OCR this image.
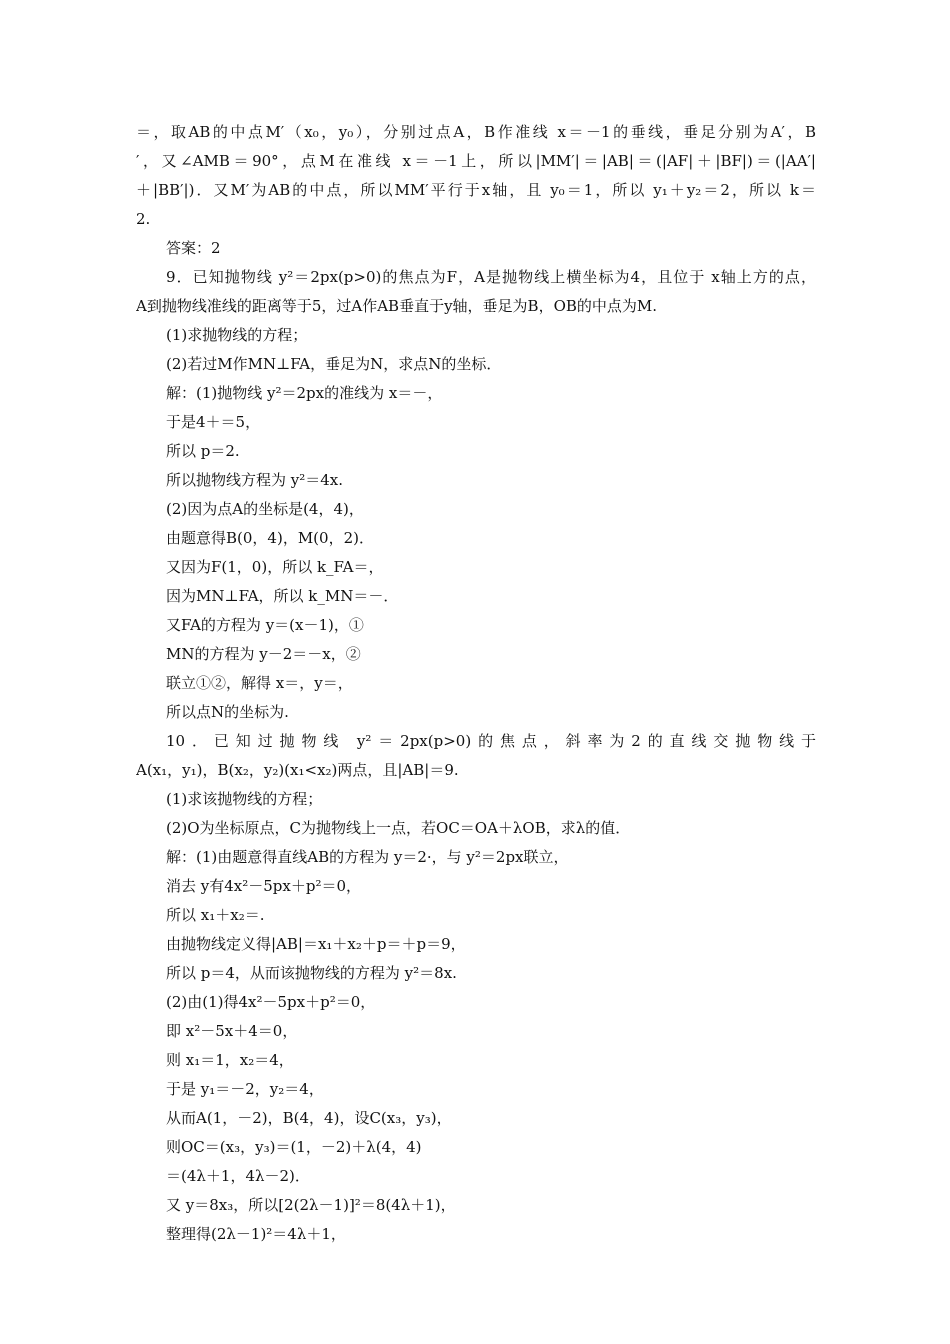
＝，取AB的中点M′（x₀，y₀），分别过点A，B作准线 x＝－1的垂线，垂足分别为A′，B
′，又∠AMB＝90°，点M在准线 x＝－1上，所以|MM′|＝|AB|＝(|AF|＋|BF|)＝(|AA′|
＋|BB′|)．又M′为AB的中点，所以MM′平行于x轴，且 y₀＝1，所以 y₁＋y₂＝2，所以 k＝
2.
答案：2
9．已知抛物线 y²＝2px(p>0)的焦点为F，A是抛物线上横坐标为4，且位于 x轴上方的点，
A到抛物线准线的距离等于5，过A作AB垂直于y轴，垂足为B，OB的中点为M.
(1)求抛物线的方程；
(2)若过M作MN⊥FA，垂足为N，求点N的坐标．
解：(1)抛物线 y²＝2px的准线为 x＝－，
于是4＋＝5，
所以 p＝2.
所以抛物线方程为 y²＝4x.
(2)因为点A的坐标是(4，4)，
由题意得B(0，4)，M(0，2)．
又因为F(1，0)，所以 k_FA＝，
因为MN⊥FA，所以 k_MN＝－．
又FA的方程为 y＝(x－1)，①
MN的方程为 y－2＝－x，②
联立①②，解得 x＝，y＝，
所以点N的坐标为.
10．已知过抛物线 y²＝2px(p>0)的焦点，斜率为2的直线交抛物线于
A(x₁，y₁)，B(x₂，y₂)(x₁<x₂)两点，且|AB|＝9.
(1)求该抛物线的方程；
(2)O为坐标原点，C为抛物线上一点，若OC＝OA＋λOB，求λ的值．
解：(1)由题意得直线AB的方程为 y＝2·，与 y²＝2px联立，
消去 y有4x²－5px＋p²＝0，
所以 x₁＋x₂＝.
由抛物线定义得|AB|＝x₁＋x₂＋p＝＋p＝9，
所以 p＝4，从而该抛物线的方程为 y²＝8x.
(2)由(1)得4x²－5px＋p²＝0，
即 x²－5x＋4＝0，
则 x₁＝1，x₂＝4，
于是 y₁＝－2，y₂＝4，
从而A(1，－2)，B(4，4)，设C(x₃，y₃)，
则OC＝(x₃，y₃)＝(1，－2)＋λ(4，4)
＝(4λ＋1，4λ－2)．
又 y＝8x₃，所以[2(2λ－1)]²＝8(4λ＋1)，
整理得(2λ－1)²＝4λ＋1，
